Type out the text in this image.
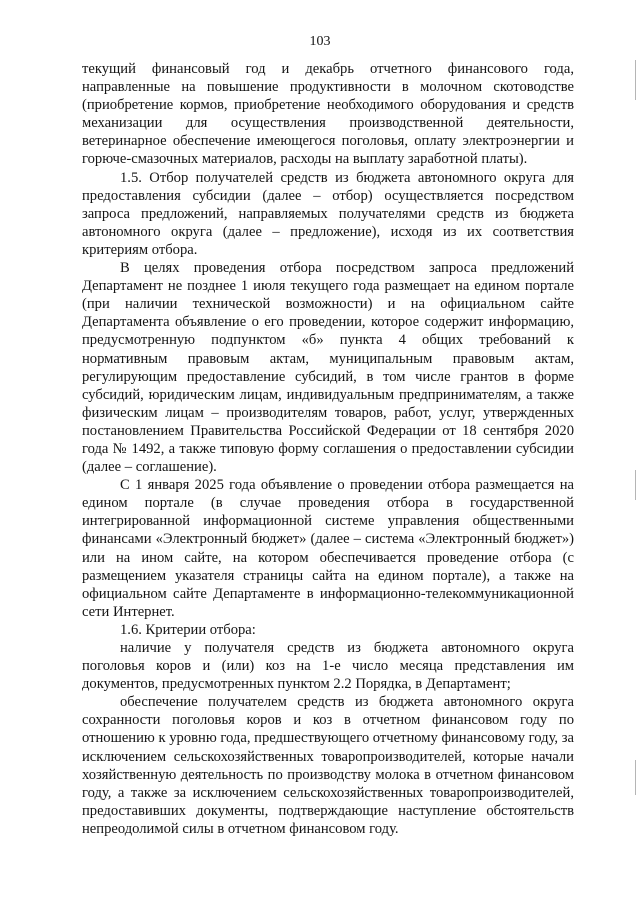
103

текущий финансовый год и декабрь отчетного финансового года, направленные на повышение продуктивности в молочном скотоводстве (приобретение кормов, приобретение необходимого оборудования и средств механизации для осуществления производственной деятельности, ветеринарное обеспечение имеющегося поголовья, оплату электроэнергии и горюче-смазочных материалов, расходы на выплату заработной платы).

1.5. Отбор получателей средств из бюджета автономного округа для предоставления субсидии (далее – отбор) осуществляется посредством запроса предложений, направляемых получателями средств из бюджета автономного округа (далее – предложение), исходя из их соответствия критериям отбора.

В целях проведения отбора посредством запроса предложений Департамент не позднее 1 июля текущего года размещает на едином портале (при наличии технической возможности) и на официальном сайте Департамента объявление о его проведении, которое содержит информацию, предусмотренную подпунктом «б» пункта 4 общих требований к нормативным правовым актам, муниципальным правовым актам, регулирующим предоставление субсидий, в том числе грантов в форме субсидий, юридическим лицам, индивидуальным предпринимателям, а также физическим лицам – производителям товаров, работ, услуг, утвержденных постановлением Правительства Российской Федерации от 18 сентября 2020 года № 1492, а также типовую форму соглашения о предоставлении субсидии (далее – соглашение).

С 1 января 2025 года объявление о проведении отбора размещается на едином портале (в случае проведения отбора в государственной интегрированной информационной системе управления общественными финансами «Электронный бюджет» (далее – система «Электронный бюджет») или на ином сайте, на котором обеспечивается проведение отбора (с размещением указателя страницы сайта на едином портале), а также на официальном сайте Департаменте в информационно-телекоммуникационной сети Интернет.

1.6. Критерии отбора:

наличие у получателя средств из бюджета автономного округа поголовья коров и (или) коз на 1-е число месяца представления им документов, предусмотренных пунктом 2.2 Порядка, в Департамент;

обеспечение получателем средств из бюджета автономного округа сохранности поголовья коров и коз в отчетном финансовом году по отношению к уровню года, предшествующего отчетному финансовому году, за исключением сельскохозяйственных товаропроизводителей, которые начали хозяйственную деятельность по производству молока в отчетном финансовом году, а также за исключением сельскохозяйственных товаропроизводителей, предоставивших документы, подтверждающие наступление обстоятельств непреодолимой силы в отчетном финансовом году.
